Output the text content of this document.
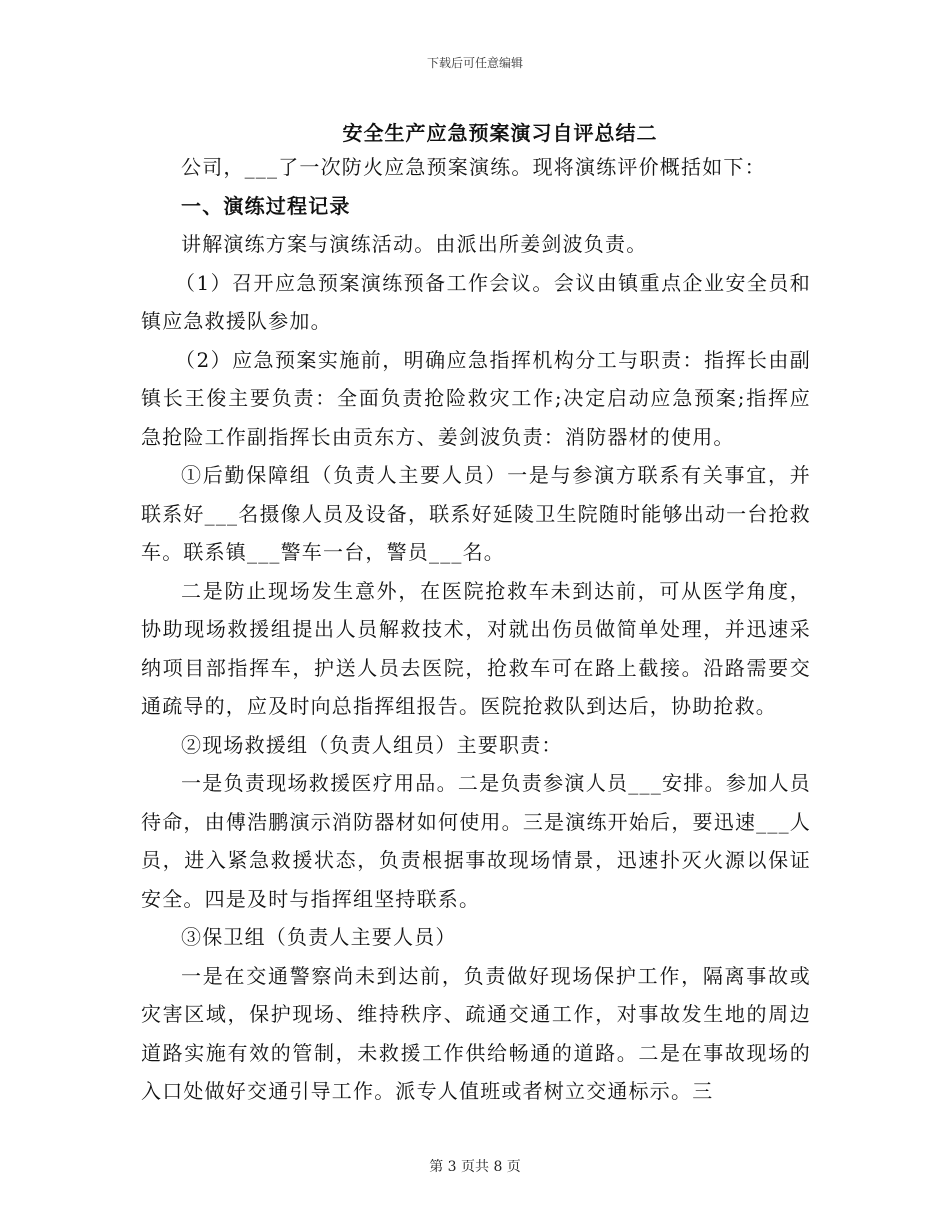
下载后可任意编辑
安全生产应急预案演习自评总结二

公司，___了一次防火应急预案演练。现将演练评价概括如下：

一、演练过程记录

讲解演练方案与演练活动。由派出所姜剑波负责。

（1）召开应急预案演练预备工作会议。会议由镇重点企业安全员和镇应急救援队参加。

（2）应急预案实施前，明确应急指挥机构分工与职责：指挥长由副镇长王俊主要负责：全面负责抢险救灾工作;决定启动应急预案;指挥应急抢险工作副指挥长由贡东方、姜剑波负责：消防器材的使用。

①后勤保障组（负责人主要人员）一是与参演方联系有关事宜，并联系好___名摄像人员及设备，联系好延陵卫生院随时能够出动一台抢救车。联系镇___警车一台，警员___名。

二是防止现场发生意外，在医院抢救车未到达前，可从医学角度，协助现场救援组提出人员解救技术，对就出伤员做简单处理，并迅速采纳项目部指挥车，护送人员去医院，抢救车可在路上截接。沿路需要交通疏导的，应及时向总指挥组报告。医院抢救队到达后，协助抢救。

②现场救援组（负责人组员）主要职责：

一是负责现场救援医疗用品。二是负责参演人员___安排。参加人员待命，由傅浩鹏演示消防器材如何使用。三是演练开始后，要迅速___人员，进入紧急救援状态，负责根据事故现场情景，迅速扑灭火源以保证安全。四是及时与指挥组坚持联系。

③保卫组（负责人主要人员）

一是在交通警察尚未到达前，负责做好现场保护工作，隔离事故或灾害区域，保护现场、维持秩序、疏通交通工作，对事故发生地的周边道路实施有效的管制，未救援工作供给畅通的道路。二是在事故现场的入口处做好交通引导工作。派专人值班或者树立交通标示。三

第 3 页共 8 页
